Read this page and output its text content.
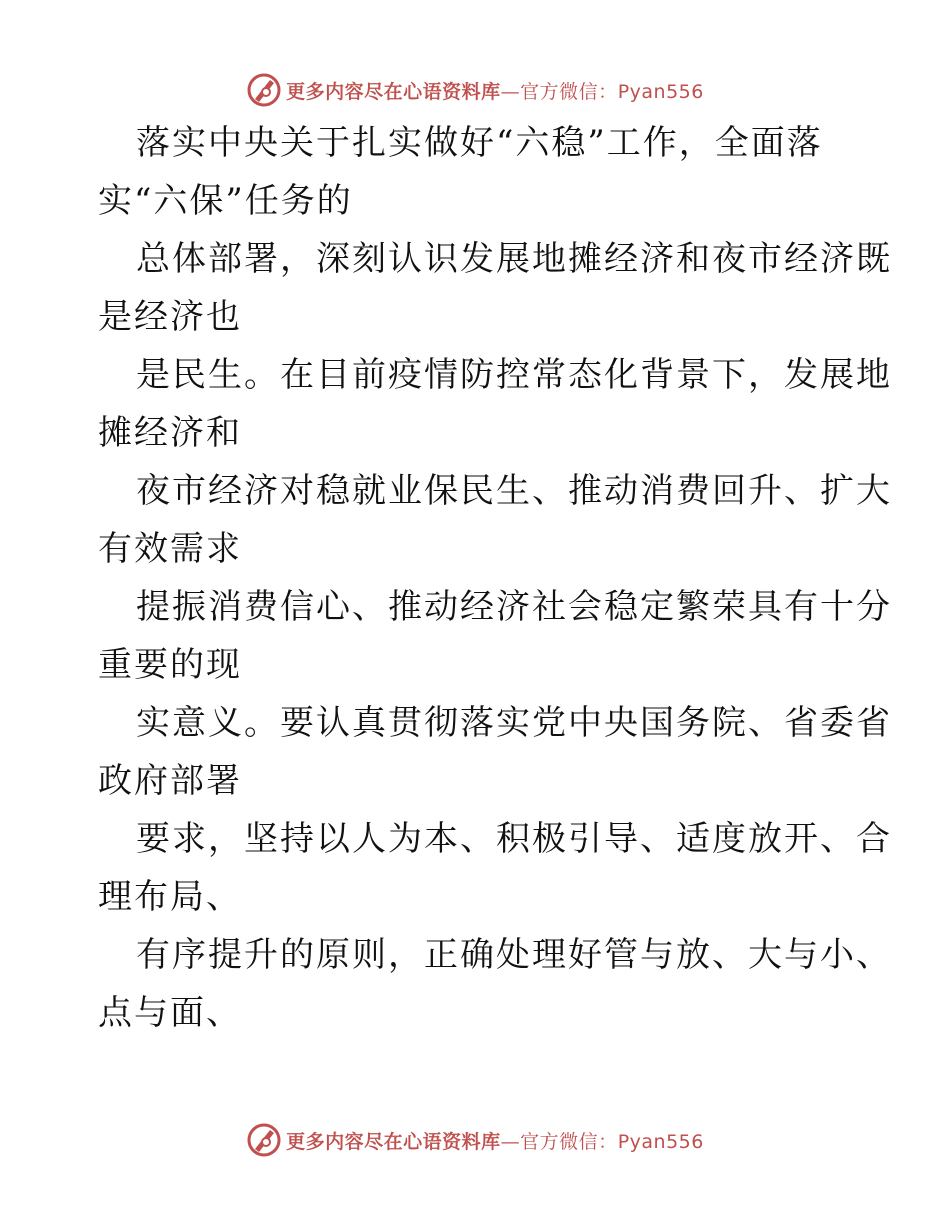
更多内容尽在心语资料库—官方微信：Pyan556
落实中央关于扎实做好“六稳”工作，全面落
实“六保”任务的
总体部署，深刻认识发展地摊经济和夜市经济既
是经济也
是民生。在目前疫情防控常态化背景下，发展地
摊经济和
夜市经济对稳就业保民生、推动消费回升、扩大
有效需求
提振消费信心、推动经济社会稳定繁荣具有十分
重要的现
实意义。要认真贯彻落实党中央国务院、省委省
政府部署
要求，坚持以人为本、积极引导、适度放开、合
理布局、
有序提升的原则，正确处理好管与放、大与小、
点与面、
更多内容尽在心语资料库—官方微信：Pyan556
